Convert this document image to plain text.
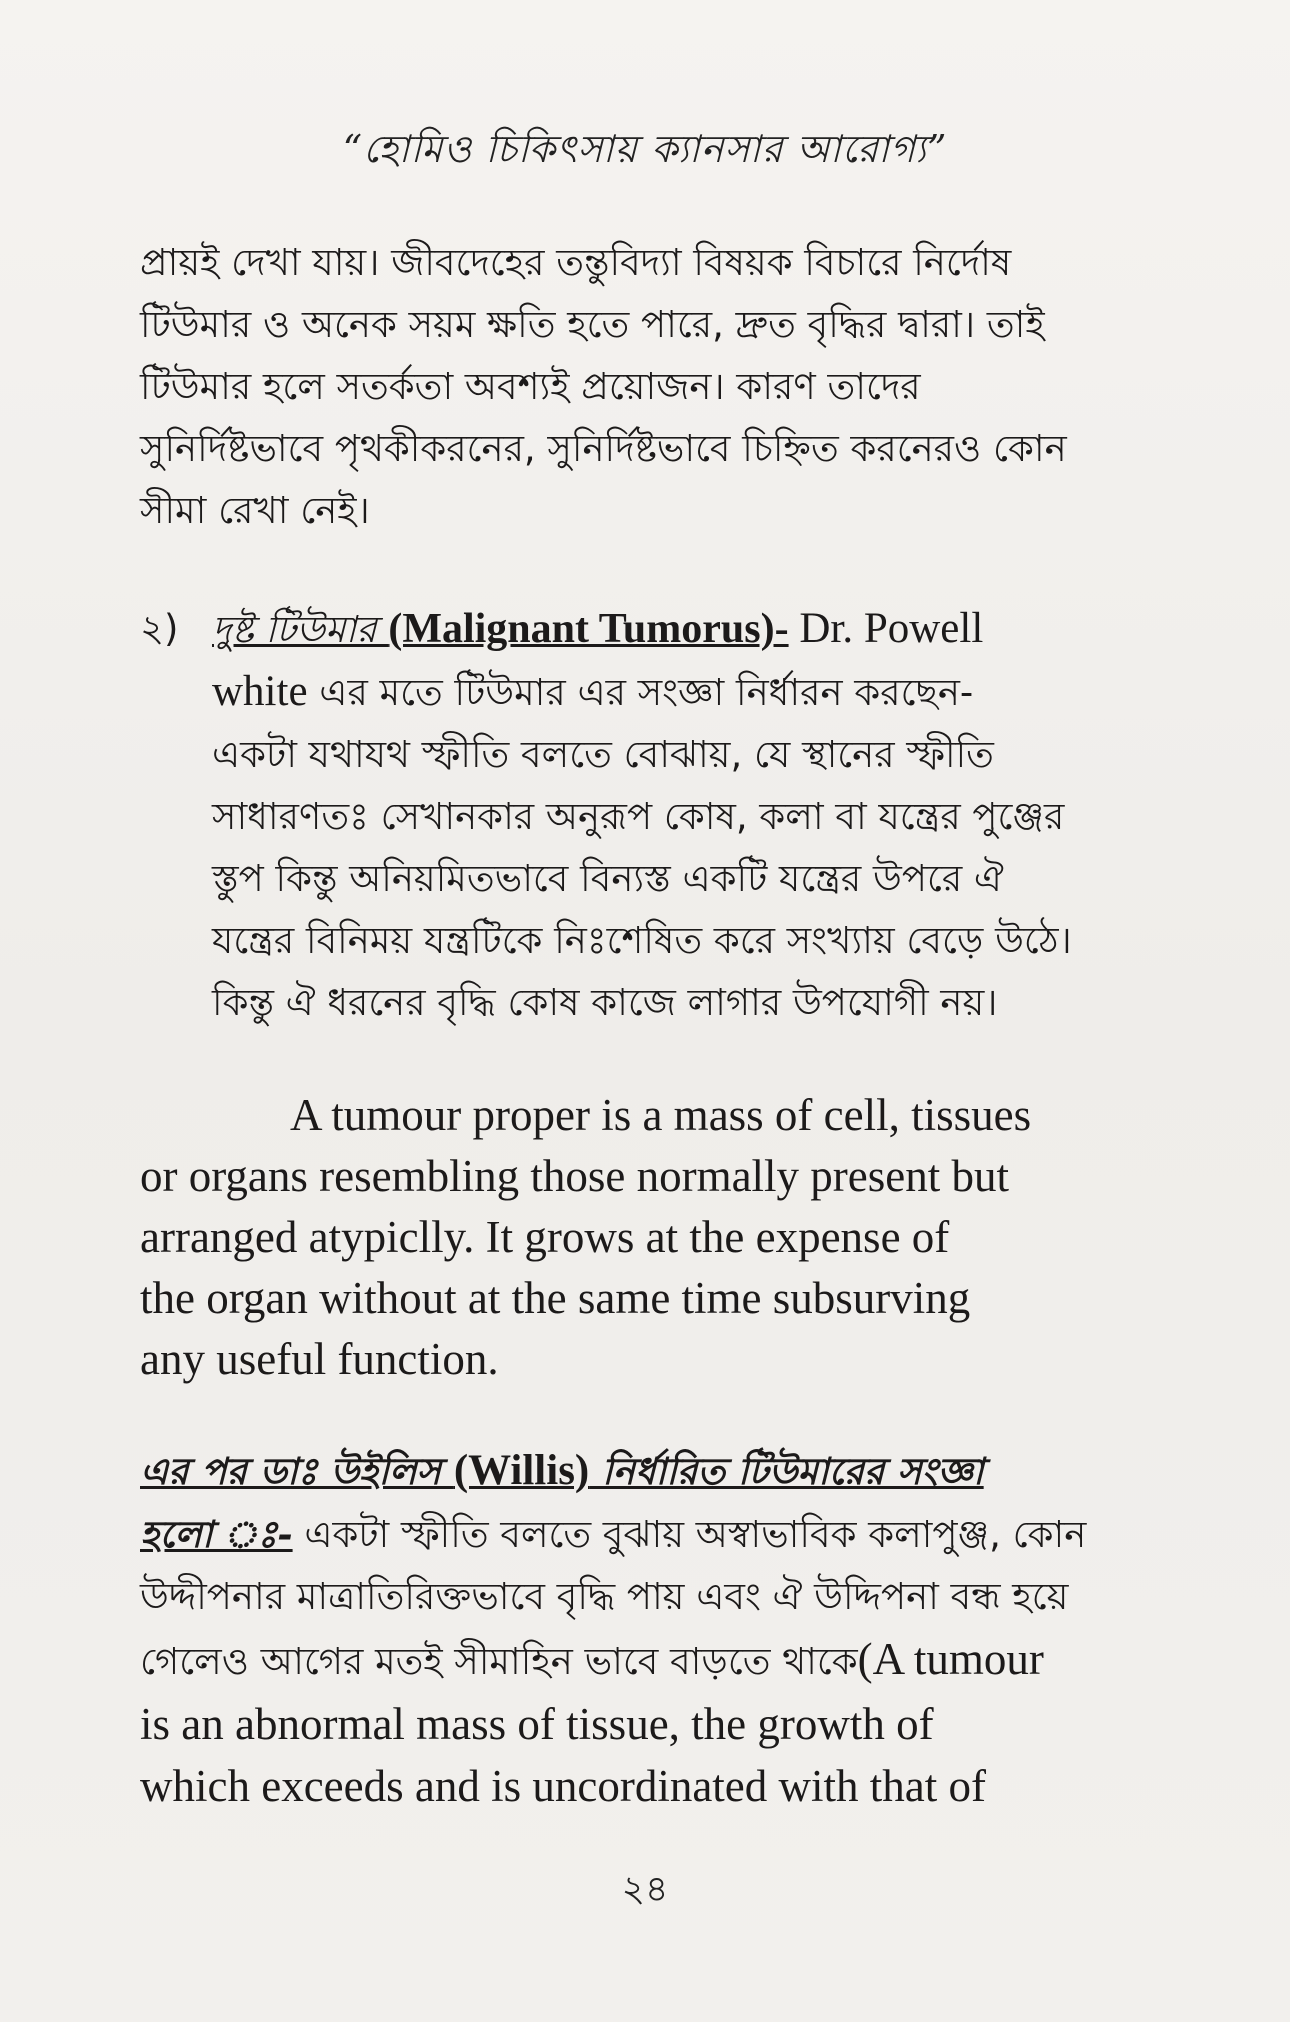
“হোমিও চিকিৎসায় ক্যানসার আরোগ্য”
প্রায়ই দেখা যায়। জীবদেহের তন্তুবিদ্যা বিষয়ক বিচারে নির্দোষ
টিউমার ও অনেক সয়ম ক্ষতি হতে পারে, দ্রুত বৃদ্ধির দ্বারা। তাই
টিউমার হলে সতর্কতা অবশ্যই প্রয়োজন। কারণ তাদের
সুনির্দিষ্টভাবে পৃথকীকরনের, সুনির্দিষ্টভাবে চিহ্নিত করনেরও কোন
সীমা রেখা নেই।
২) দুষ্ট টিউমার (Malignant Tumorus)- Dr. Powell
white এর মতে টিউমার এর সংজ্ঞা নির্ধারন করছেন-
একটা যথাযথ স্ফীতি বলতে বোঝায়, যে স্থানের স্ফীতি
সাধারণতঃ সেখানকার অনুরূপ কোষ, কলা বা যন্ত্রের পুঞ্জের
স্তুপ কিন্তু অনিয়মিতভাবে বিন্যস্ত একটি যন্ত্রের উপরে ঐ
যন্ত্রের বিনিময় যন্ত্রটিকে নিঃশেষিত করে সংখ্যায় বেড়ে উঠে।
কিন্তু ঐ ধরনের বৃদ্ধি কোষ কাজে লাগার উপযোগী নয়।
A tumour proper is a mass of cell, tissues
or organs resembling those normally present but
arranged atypiclly. It grows at the expense of
the organ without at the same time subsurving
any useful function.
এর পর ডাঃ উইলিস (Willis) নির্ধারিত টিউমারের সংজ্ঞা
হলো ঃ- একটা স্ফীতি বলতে বুঝায় অস্বাভাবিক কলাপুঞ্জ, কোন
উদ্দীপনার মাত্রাতিরিক্তভাবে বৃদ্ধি পায় এবং ঐ উদ্দিপনা বন্ধ হয়ে
গেলেও আগের মতই সীমাহিন ভাবে বাড়তে থাকে(A tumour
is an abnormal mass of tissue, the growth of
which exceeds and is uncordinated with that of
২৪
